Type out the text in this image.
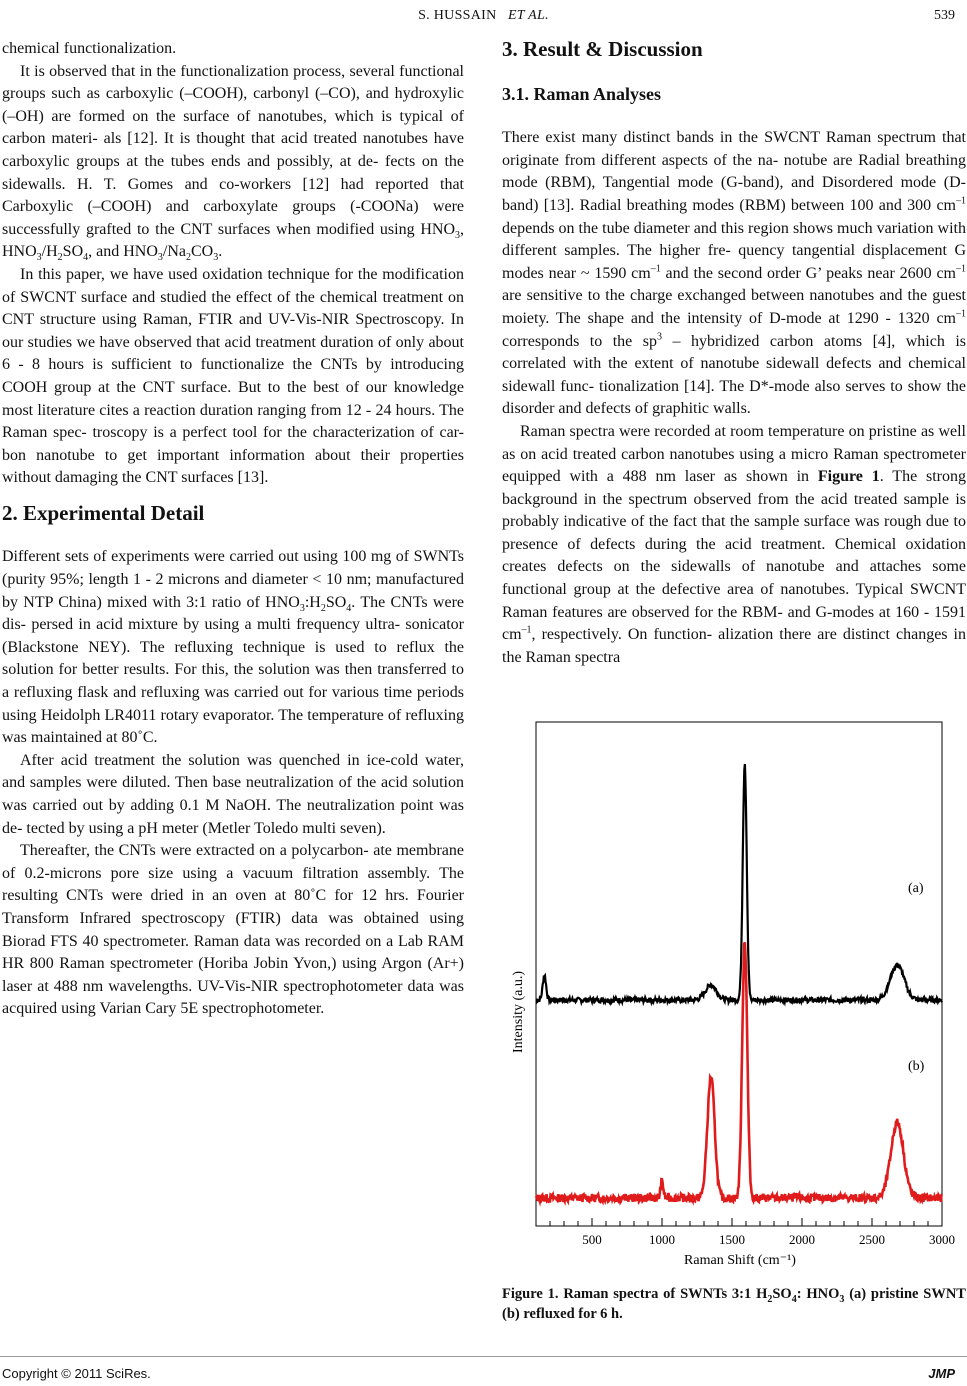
S. HUSSAIN ET AL.	539

chemical functionalization.

It is observed that in the functionalization process, several functional groups such as carboxylic (–COOH), carbonyl (–CO), and hydroxylic (–OH) are formed on the surface of nanotubes, which is typical of carbon materi- als [12]. It is thought that acid treated nanotubes have carboxylic groups at the tubes ends and possibly, at de- fects on the sidewalls. H. T. Gomes and co-workers [12] had reported that Carboxylic (–COOH) and carboxylate groups (-COONa) were successfully grafted to the CNT surfaces when modified using $HNO_3$, $HNO_3/H_2SO_4$, and $HNO_3/Na_2CO_3$.

In this paper, we have used oxidation technique for the modification of SWCNT surface and studied the effect of the chemical treatment on CNT structure using Raman, FTIR and UV-Vis-NIR Spectroscopy. In our studies we have observed that acid treatment duration of only about 6 - 8 hours is sufficient to functionalize the CNTs by introducing COOH group at the CNT surface. But to the best of our knowledge most literature cites a reaction duration ranging from 12 - 24 hours. The Raman spec- troscopy is a perfect tool for the characterization of car- bon nanotube to get important information about their properties without damaging the CNT surfaces [13].

2. Experimental Detail

Different sets of experiments were carried out using 100 mg of SWNTs (purity 95%; length 1 - 2 microns and diameter < 10 nm; manufactured by NTP China) mixed with 3:1 ratio of $HNO_3:H_2SO_4$. The CNTs were dis- persed in acid mixture by using a multi frequency ultra- sonicator (Blackstone NEY). The refluxing technique is used to reflux the solution for better results. For this, the solution was then transferred to a refluxing flask and refluxing was carried out for various time periods using Heidolph LR4011 rotary evaporator. The temperature of refluxing was maintained at 80˚C.

After acid treatment the solution was quenched in ice-cold water, and samples were diluted. Then base neutralization of the acid solution was carried out by adding 0.1 M NaOH. The neutralization point was de- tected by using a pH meter (Metler Toledo multi seven).

Thereafter, the CNTs were extracted on a polycarbon- ate membrane of 0.2-microns pore size using a vacuum filtration assembly. The resulting CNTs were dried in an oven at 80˚C for 12 hrs. Fourier Transform Infrared spectroscopy (FTIR) data was obtained using Biorad FTS 40 spectrometer. Raman data was recorded on a Lab RAM HR 800 Raman spectrometer (Horiba Jobin Yvon,) using Argon (Ar+) laser at 488 nm wavelengths. UV-Vis-NIR spectrophotometer data was acquired using Varian Cary 5E spectrophotometer.

3. Result & Discussion
3.1. Raman Analyses

There exist many distinct bands in the SWCNT Raman spectrum that originate from different aspects of the na- notube are Radial breathing mode (RBM), Tangential mode (G-band), and Disordered mode (D-band) [13]. Radial breathing modes (RBM) between 100 and 300 $cm^{-1}$ depends on the tube diameter and this region shows much variation with different samples. The higher fre- quency tangential displacement G modes near ~ 1590 $cm^{-1}$ and the second order G’ peaks near 2600 $cm^{-1}$ are sensitive to the charge exchanged between nanotubes and the guest moiety. The shape and the intensity of D-mode at 1290 - 1320 $cm^{-1}$ corresponds to the $sp^3$ – hybridized carbon atoms [4], which is correlated with the extent of nanotube sidewall defects and chemical sidewall func- tionalization [14]. The D*-mode also serves to show the disorder and defects of graphitic walls.

Raman spectra were recorded at room temperature on pristine as well as on acid treated carbon nanotubes using a micro Raman spectrometer equipped with a 488 nm laser as shown in Figure 1. The strong background in the spectrum observed from the acid treated sample is probably indicative of the fact that the sample surface was rough due to presence of defects during the acid treatment. Chemical oxidation creates defects on the sidewalls of nanotube and attaches some functional group at the defective area of nanotubes. Typical SWCNT Raman features are observed for the RBM- and G-modes at 160 - 1591 $cm^{-1}$, respectively. On function- alization there are distinct changes in the Raman spectra

500	1000	1500	2000	2500	3000
(a)
(b)
Intensity (a.u.)
Raman Shift (cm⁻¹)
Figure 1. Raman spectra of SWNTs 3:1 $H_2SO_4$: $HNO_3$ (a) pristine SWNT (b) refluxed for 6 h.
Copyright © 2011 SciRes.	JMP
